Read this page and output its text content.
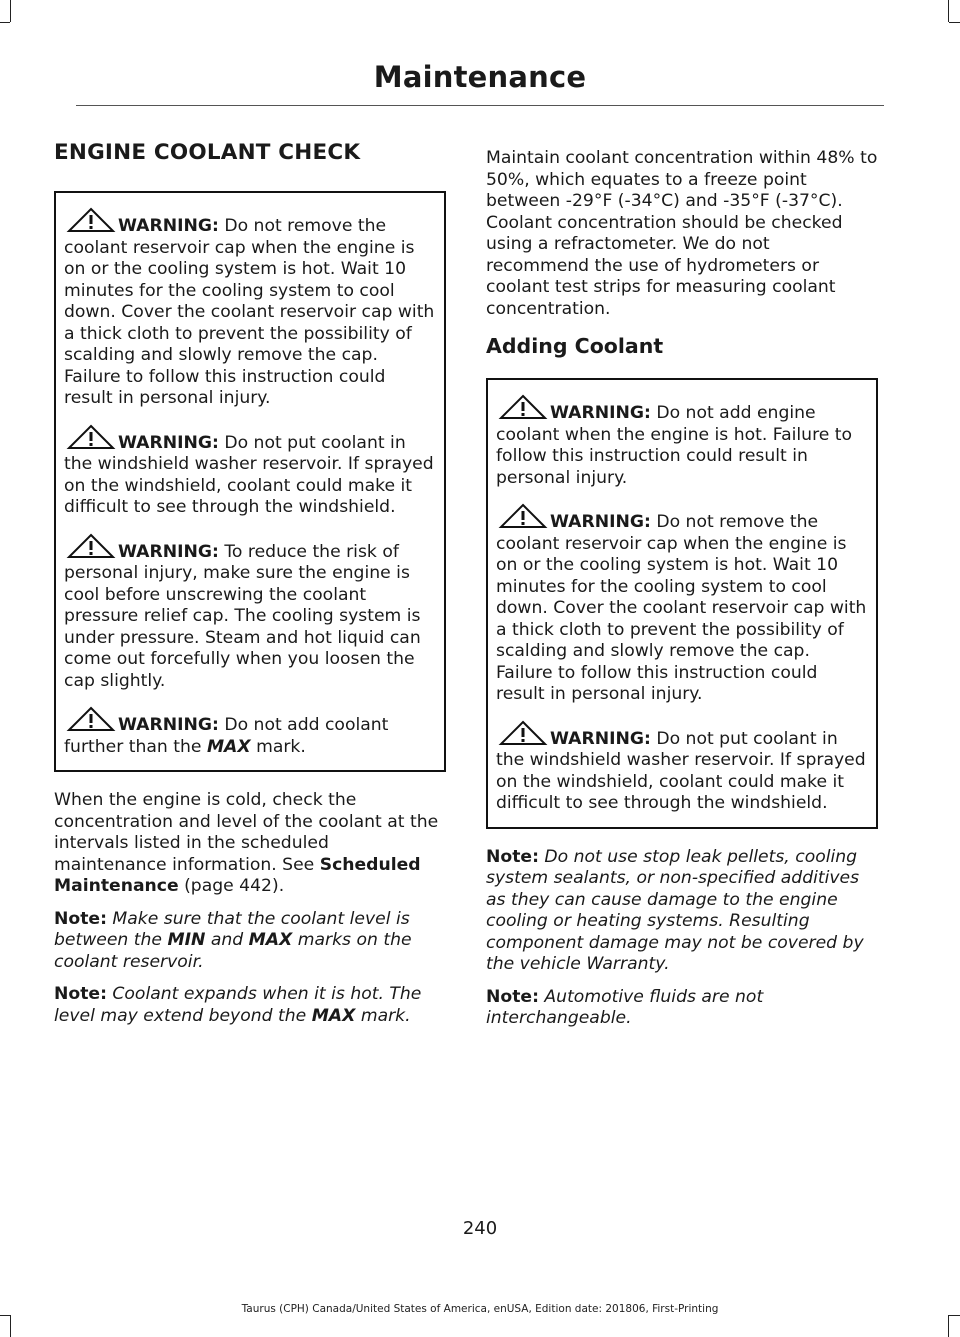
Maintenance
ENGINE COOLANT CHECK

WARNING: Do not remove the coolant reservoir cap when the engine is on or the cooling system is hot. Wait 10 minutes for the cooling system to cool down. Cover the coolant reservoir cap with a thick cloth to prevent the possibility of scalding and slowly remove the cap. Failure to follow this instruction could result in personal injury.

WARNING: Do not put coolant in the windshield washer reservoir. If sprayed on the windshield, coolant could make it difficult to see through the windshield.

WARNING: To reduce the risk of personal injury, make sure the engine is cool before unscrewing the coolant pressure relief cap. The cooling system is under pressure. Steam and hot liquid can come out forcefully when you loosen the cap slightly.

WARNING: Do not add coolant further than the MAX mark.

When the engine is cold, check the concentration and level of the coolant at the intervals listed in the scheduled maintenance information. See Scheduled Maintenance (page 442).

Note: Make sure that the coolant level is between the MIN and MAX marks on the coolant reservoir.

Note: Coolant expands when it is hot. The level may extend beyond the MAX mark.

Maintain coolant concentration within 48% to 50%, which equates to a freeze point between -29°F (-34°C) and -35°F (-37°C). Coolant concentration should be checked using a refractometer. We do not recommend the use of hydrometers or coolant test strips for measuring coolant concentration.

Adding Coolant

WARNING: Do not add engine coolant when the engine is hot. Failure to follow this instruction could result in personal injury.

WARNING: Do not remove the coolant reservoir cap when the engine is on or the cooling system is hot. Wait 10 minutes for the cooling system to cool down. Cover the coolant reservoir cap with a thick cloth to prevent the possibility of scalding and slowly remove the cap. Failure to follow this instruction could result in personal injury.

WARNING: Do not put coolant in the windshield washer reservoir. If sprayed on the windshield, coolant could make it difficult to see through the windshield.

Note: Do not use stop leak pellets, cooling system sealants, or non-specified additives as they can cause damage to the engine cooling or heating systems. Resulting component damage may not be covered by the vehicle Warranty.

Note: Automotive fluids are not interchangeable.

240
Taurus (CPH) Canada/United States of America, enUSA, Edition date: 201806, First-Printing
